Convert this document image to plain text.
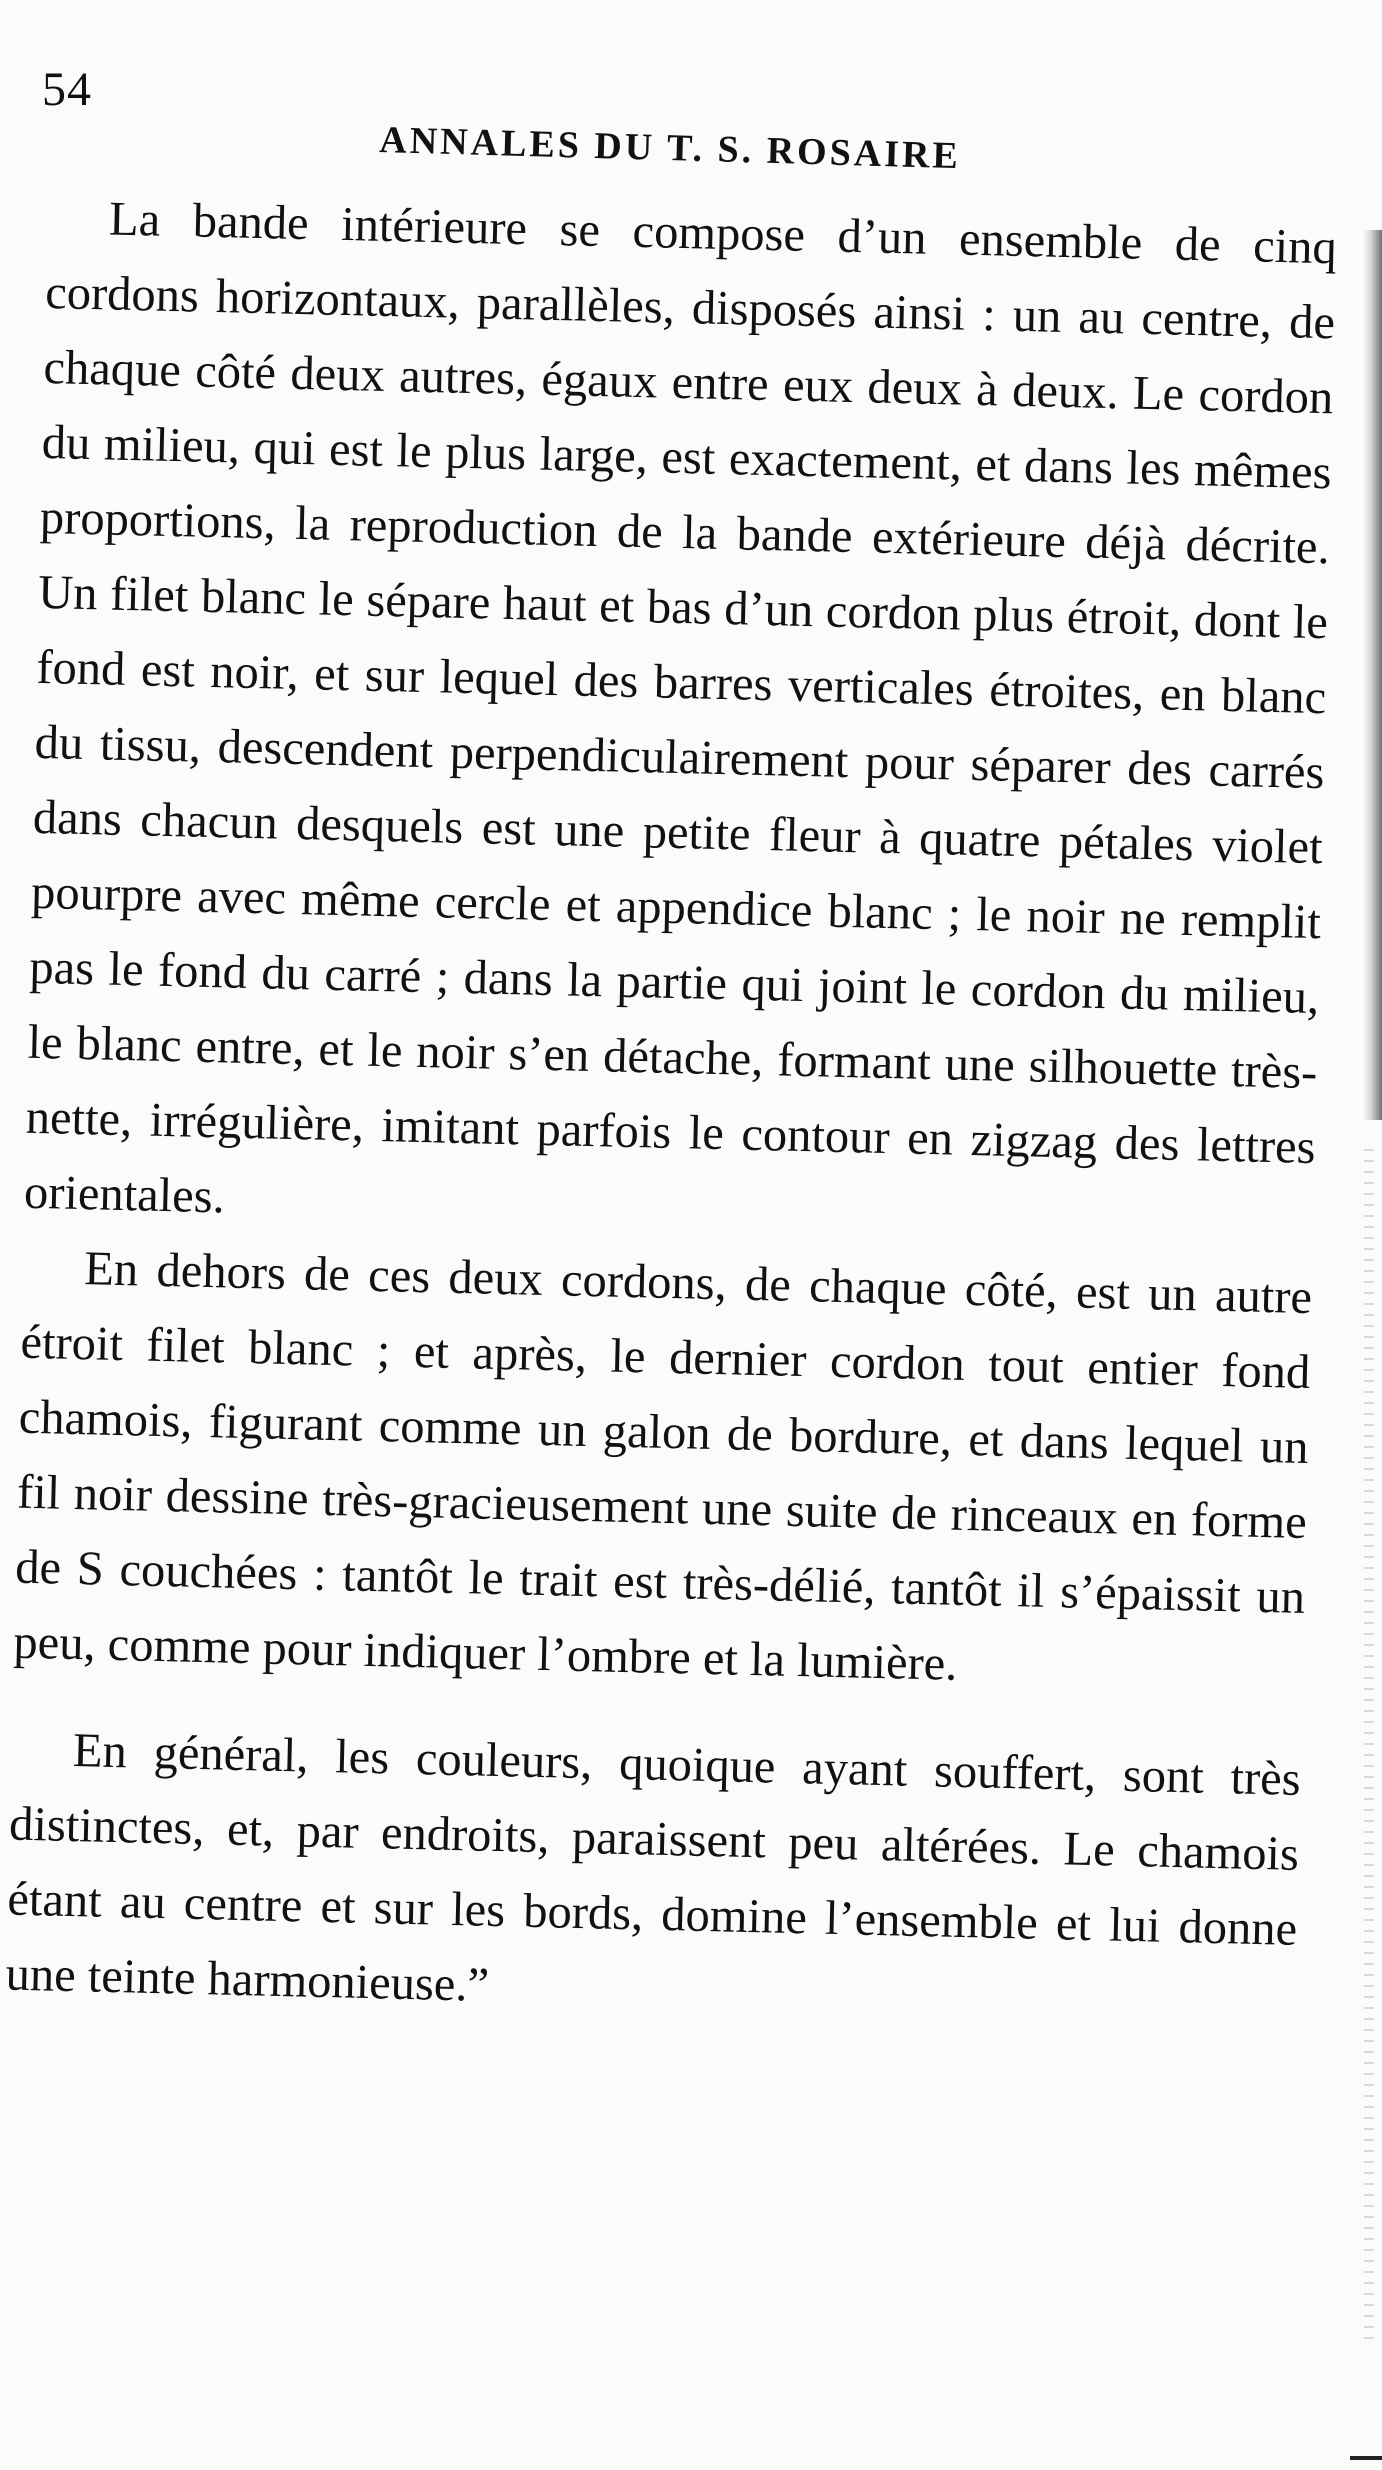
54
ANNALES DU T. S. ROSAIRE

La bande intérieure se compose d’un ensemble de cinq cordons horizontaux, parallèles, disposés ainsi : un au centre, de chaque côté deux autres, égaux entre eux deux à deux. Le cordon du milieu, qui est le plus large, est exactement, et dans les mêmes proportions, la reproduction de la bande extérieure déjà décrite. Un filet blanc le sépare haut et bas d’un cordon plus étroit, dont le fond est noir, et sur lequel des barres verticales étroites, en blanc du tissu, descendent perpendiculairement pour séparer des carrés dans chacun desquels est une petite fleur à quatre pétales violet pourpre avec même cercle et appendice blanc ; le noir ne remplit pas le fond du carré ; dans la partie qui joint le cordon du milieu, le blanc entre, et le noir s’en détache, formant une silhouette très-nette, irrégulière, imitant parfois le contour en zigzag des lettres orientales.

En dehors de ces deux cordons, de chaque côté, est un autre étroit filet blanc ; et après, le dernier cordon tout entier fond chamois, figurant comme un galon de bordure, et dans lequel un fil noir dessine très-gracieusement une suite de rinceaux en forme de S couchées : tantôt le trait est très-délié, tantôt il s’épaissit un peu, comme pour indiquer l’ombre et la lumière.

En général, les couleurs, quoique ayant souffert, sont très distinctes, et, par endroits, paraissent peu altérées. Le chamois étant au centre et sur les bords, domine l’ensemble et lui donne une teinte harmonieuse.”
